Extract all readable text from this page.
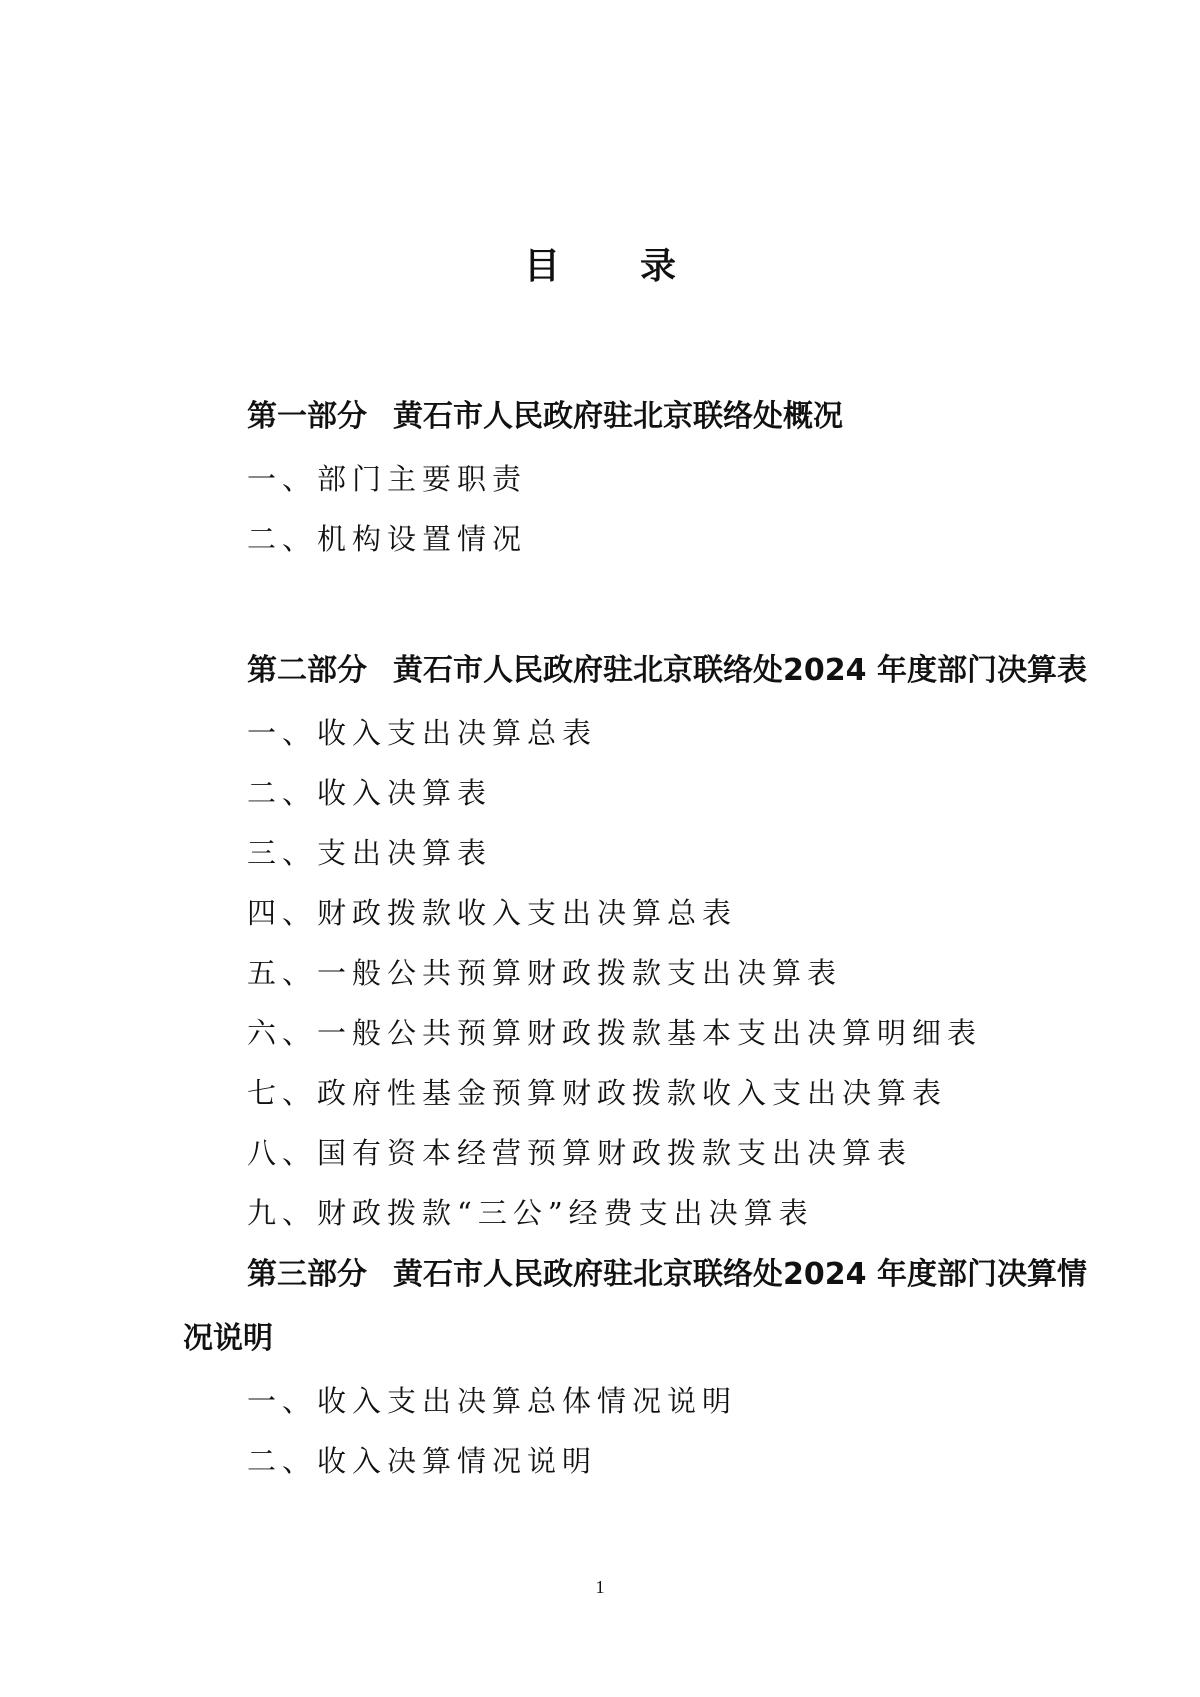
目 录

第一部分 黄石市人民政府驻北京联络处概况

一、部门主要职责

二、机构设置情况

第二部分 黄石市人民政府驻北京联络处2024 年度部门决算表

一、收入支出决算总表

二、收入决算表

三、支出决算表

四、财政拨款收入支出决算总表

五、一般公共预算财政拨款支出决算表

六、一般公共预算财政拨款基本支出决算明细表

七、政府性基金预算财政拨款收入支出决算表

八、国有资本经营预算财政拨款支出决算表

九、财政拨款“三公”经费支出决算表

第三部分 黄石市人民政府驻北京联络处2024 年度部门决算情况说明

一、收入支出决算总体情况说明

二、收入决算情况说明

1
